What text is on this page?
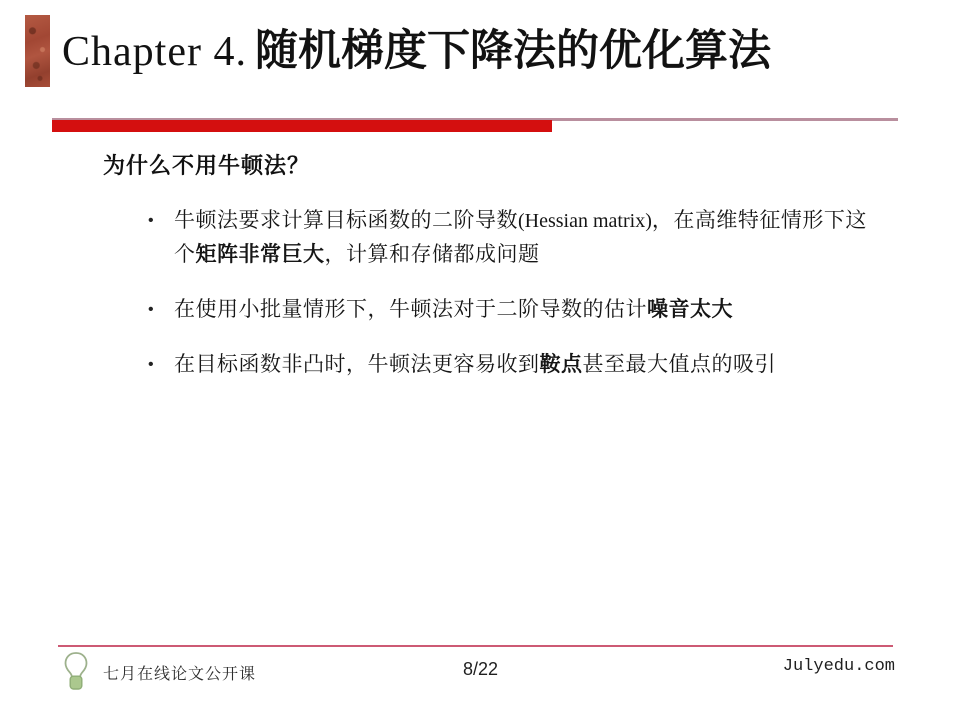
Chapter 4. 随机梯度下降法的优化算法
为什么不用牛顿法？
• 牛顿法要求计算目标函数的二阶导数(Hessian matrix)，在高维特征情形下这个矩阵非常巨大，计算和存储都成问题
• 在使用小批量情形下，牛顿法对于二阶导数的估计噪音太大
• 在目标函数非凸时，牛顿法更容易收到鞍点甚至最大值点的吸引
七月在线论文公开课	8/22	Julyedu.com
